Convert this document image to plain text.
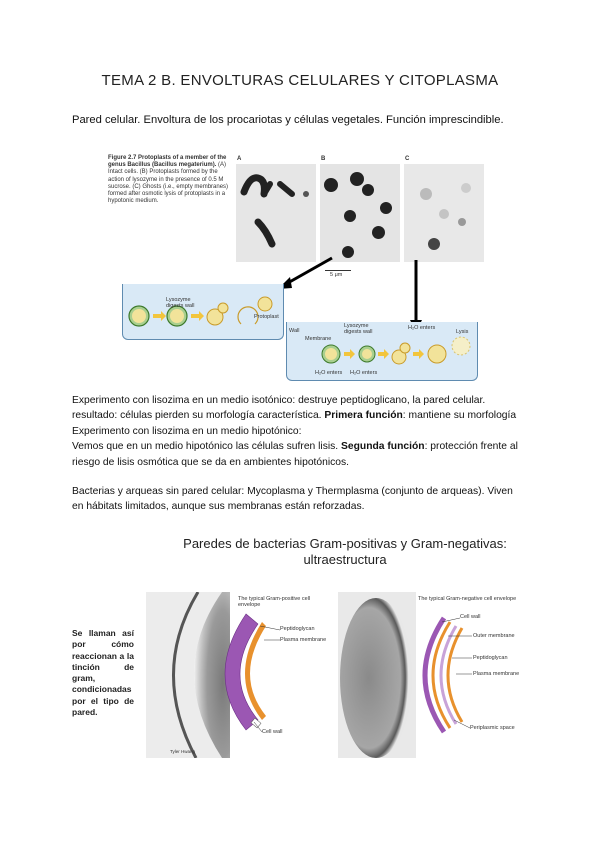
TEMA 2 B. ENVOLTURAS CELULARES Y CITOPLASMA
Pared celular. Envoltura de los procariotas y células vegetales. Función imprescindible.
Figure 2.7 Protoplasts of a member of the genus Bacillus (Bacillus megaterium). (A) Intact cells. (B) Protoplasts formed by the action of lysozyme in the presence of 0.5 M sucrose. (C) Ghosts (i.e., empty membranes) formed after osmotic lysis of protoplasts in a hypotonic medium.
A	B	C
5 μm
Lysozyme digests wall
Protoplast
Wall
Membrane
Lysozyme digests wall
H₂O enters
Lysis
H₂O enters H₂O enters
Experimento con lisozima en un medio isotónico: destruye peptidoglicano, la pared celular.
resultado: células pierden su morfología característica. Primera función: mantiene su morfología
Experimento con lisozima en un medio hipotónico:
Vemos que en un medio hipotónico las células sufren lisis. Segunda función: protección frente al
riesgo de lisis osmótica que se da en ambientes hipotónicos.
Bacterias y arqueas sin pared celular: Mycoplasma y Thermplasma (conjunto de arqueas). Viven
en hábitats limitados, aunque sus membranas están reforzadas.
Paredes de bacterias Gram-positivas y Gram-negativas:
ultraestructura
Se llaman así por cómo reaccionan a la tinción de gram, condicionadas por el tipo de pared.
The typical Gram-positive cell envelope
Peptidoglycan
Plasma membrane
Cell wall
Tyler Hwang
The typical Gram-negative cell envelope
Cell wall
Outer membrane
Peptidoglycan
Plasma membrane
Periplasmic space
